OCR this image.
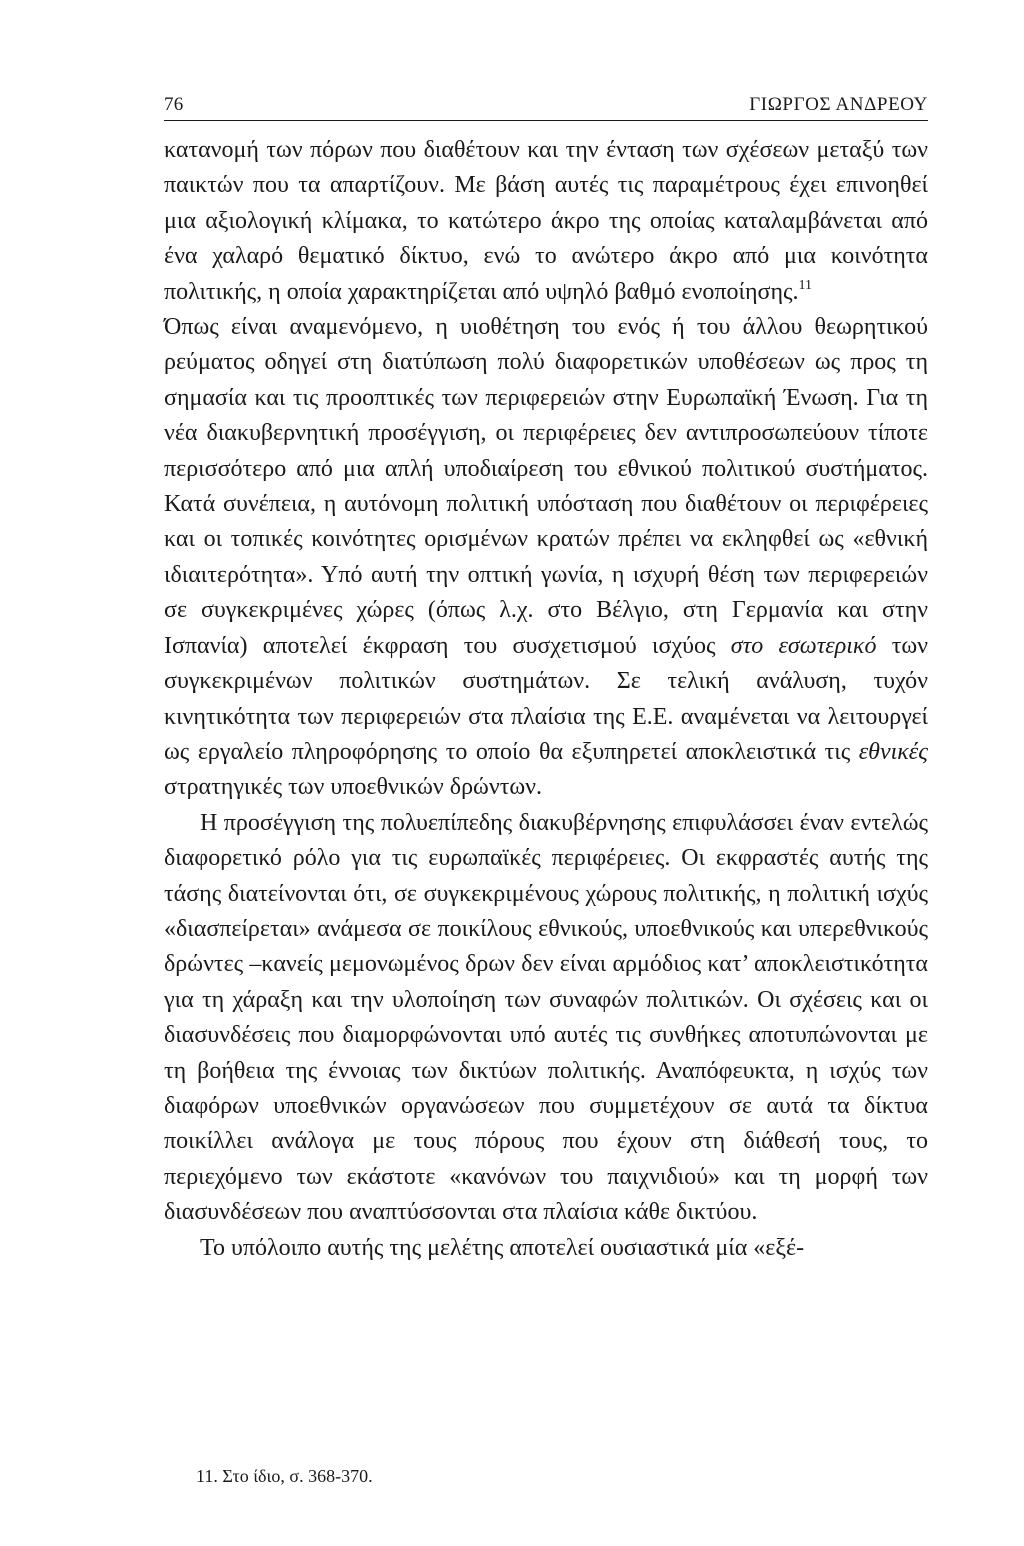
76	ΓΙΩΡΓΟΣ ΑΝΔΡΕΟΥ

κατανομή των πόρων που διαθέτουν και την ένταση των σχέσεων μεταξύ των παικτών που τα απαρτίζουν. Με βάση αυτές τις παραμέτρους έχει επινοηθεί μια αξιολογική κλίμακα, το κατώτερο άκρο της οποίας καταλαμβάνεται από ένα χαλαρό θεματικό δίκτυο, ενώ το ανώτερο άκρο από μια κοινότητα πολιτικής, η οποία χαρακτηρίζεται από υψηλό βαθμό ενοποίησης.$^{11}$

Όπως είναι αναμενόμενο, η υιοθέτηση του ενός ή του άλλου θεωρητικού ρεύματος οδηγεί στη διατύπωση πολύ διαφορετικών υποθέσεων ως προς τη σημασία και τις προοπτικές των περιφερειών στην Ευρωπαϊκή Ένωση. Για τη νέα διακυβερνητική προσέγγιση, οι περιφέρειες δεν αντιπροσωπεύουν τίποτε περισσότερο από μια απλή υποδιαίρεση του εθνικού πολιτικού συστήματος. Κατά συνέπεια, η αυτόνομη πολιτική υπόσταση που διαθέτουν οι περιφέρειες και οι τοπικές κοινότητες ορισμένων κρατών πρέπει να εκληφθεί ως «εθνική ιδιαιτερότητα». Υπό αυτή την οπτική γωνία, η ισχυρή θέση των περιφερειών σε συγκεκριμένες χώρες (όπως λ.χ. στο Βέλγιο, στη Γερμανία και στην Ισπανία) αποτελεί έκφραση του συσχετισμού ισχύος στο εσωτερικό των συγκεκριμένων πολιτικών συστημάτων. Σε τελική ανάλυση, τυχόν κινητικότητα των περιφερειών στα πλαίσια της Ε.Ε. αναμένεται να λειτουργεί ως εργαλείο πληροφόρησης το οποίο θα εξυπηρετεί αποκλειστικά τις εθνικές στρατηγικές των υποεθνικών δρώντων.

Η προσέγγιση της πολυεπίπεδης διακυβέρνησης επιφυλάσσει έναν εντελώς διαφορετικό ρόλο για τις ευρωπαϊκές περιφέρειες. Οι εκφραστές αυτής της τάσης διατείνονται ότι, σε συγκεκριμένους χώρους πολιτικής, η πολιτική ισχύς «διασπείρεται» ανάμεσα σε ποικίλους εθνικούς, υποεθνικούς και υπερεθνικούς δρώντες –κανείς μεμονωμένος δρων δεν είναι αρμόδιος κατ’ αποκλειστικότητα για τη χάραξη και την υλοποίηση των συναφών πολιτικών. Οι σχέσεις και οι διασυνδέσεις που διαμορφώνονται υπό αυτές τις συνθήκες αποτυπώνονται με τη βοήθεια της έννοιας των δικτύων πολιτικής. Αναπόφευκτα, η ισχύς των διαφόρων υποεθνικών οργανώσεων που συμμετέχουν σε αυτά τα δίκτυα ποικίλλει ανάλογα με τους πόρους που έχουν στη διάθεσή τους, το περιεχόμενο των εκάστοτε «κανόνων του παιχνιδιού» και τη μορφή των διασυνδέσεων που αναπτύσσονται στα πλαίσια κάθε δικτύου.

Το υπόλοιπο αυτής της μελέτης αποτελεί ουσιαστικά μία «εξέ-

11. Στο ίδιο, σ. 368-370.
